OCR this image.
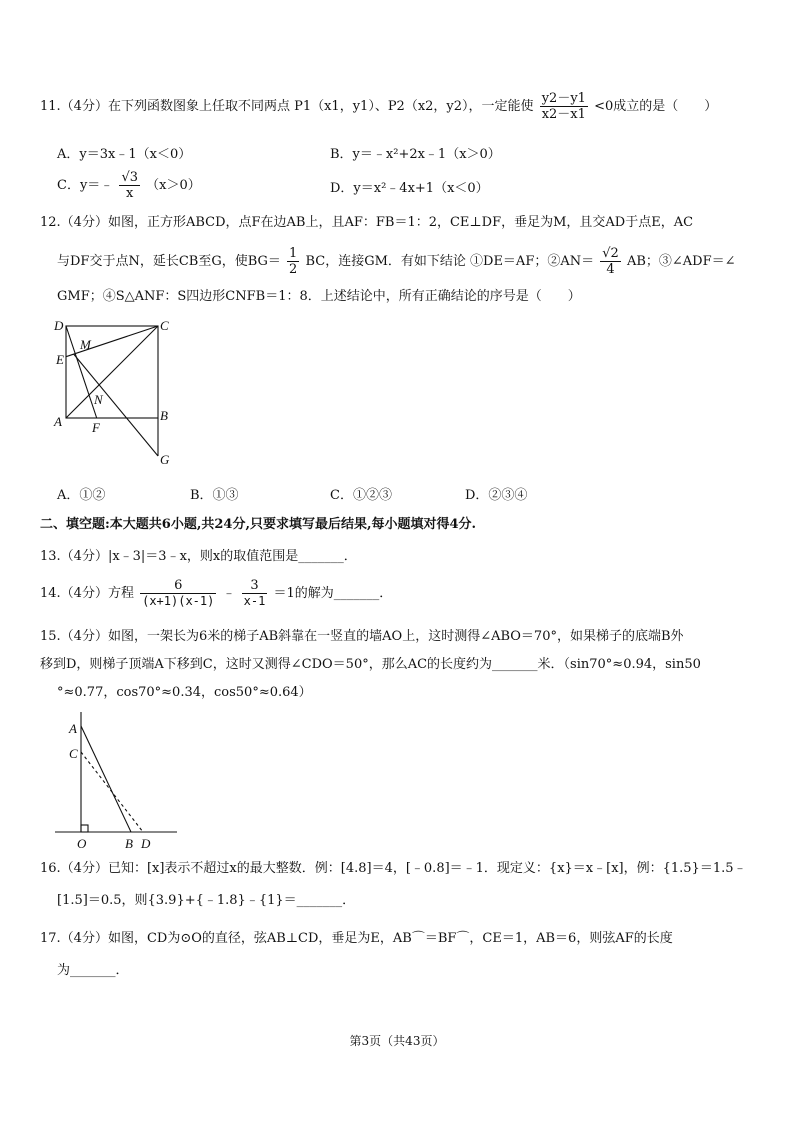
11.（4分）在下列函数图象上任取不同两点 P1（x1，y1）、P2（x2，y2），一定能使 $\frac{y2-y1}{x2-x1} <0$成立的是（　　）
A．y＝3x﹣1（x＜0）	B．y＝﹣x²+2x﹣1（x＞0）
C．y＝﹣ $\frac{√3}{x} (x>0)$	D．y＝x²﹣4x+1（x＜0）
12.（4分）如图，正方形ABCD，点F在边AB上，且AF：FB＝1：2，CE⊥DF，垂足为M，且交AD于点E，AC
与DF交于点N，延长CB至G，使$BG= \frac{1}{2}$ BC，连接GM．有如下结论 ①DE＝AF；②AN＝ $\frac{√2}{4}$ AB；③∠ADF＝∠
GMF；④S△ANF：S四边形CNFB＝1：8．上述结论中，所有正确结论的序号是（　　）
D	C
M
E
N
A F
B
G
A．①②	B．①③	C．①②③	D．②③④
二、填空题:本大题共6小题,共24分,只要求填写最后结果,每小题填对得4分.
13.（4分）|x﹣3|＝3﹣x，则x的取值范围是_______．
14.（4分）方程 $\frac{6}{(x+1)(x-1)}$ ﹣ $\frac{3}{x-1} =1$的解为_______．
15.（4分）如图，一架长为6米的梯子AB斜靠在一竖直的墙AO上，这时测得∠ABO＝70°，如果梯子的底端B外
移到D，则梯子顶端A下移到C，这时又测得∠CDO＝50°，那么AC的长度约为_______米．（sin70°≈0.94，sin50
°≈0.77，cos70°≈0.34，cos50°≈0.64）
A
C
O	B D
16.（4分）已知：[x]表示不超过x的最大整数．例：[4.8]＝4，[﹣0.8]＝﹣1．现定义：{x}＝x﹣[x]，例：{1.5}＝1.5﹣
[1.5]＝0.5，则{3.9}+{﹣1.8}﹣{1}＝_______．
17.（4分）如图，CD为⊙O的直径，弦AB⊥CD，垂足为E，AB⌒＝BF⌒，CE＝1，AB＝6，则弦AF的长度
为_______．
第3页（共43页）
